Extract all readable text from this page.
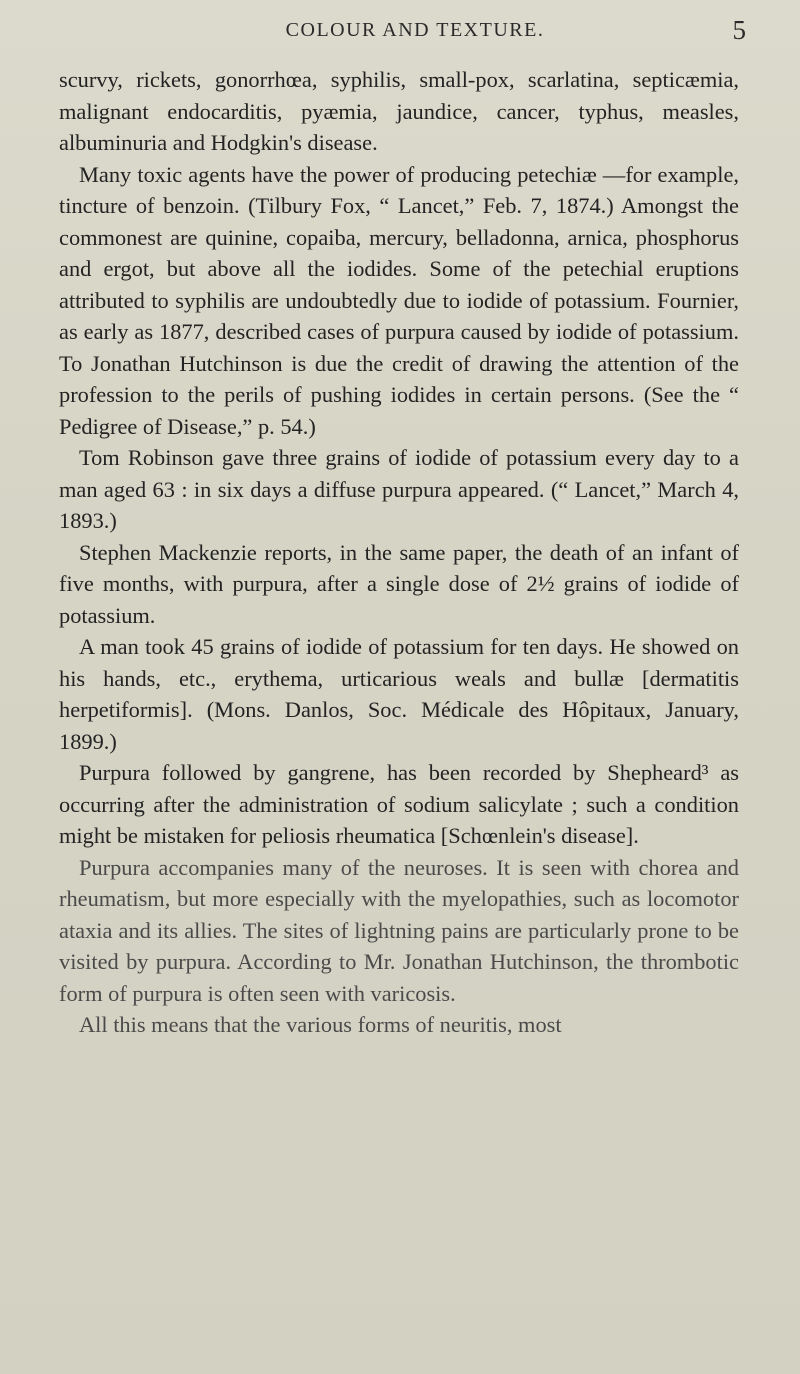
COLOUR AND TEXTURE.	5

scurvy, rickets, gonorrhœa, syphilis, small-pox, scarlatina, septicæmia, malignant endocarditis, pyæmia, jaundice, cancer, typhus, measles, albuminuria and Hodgkin's disease.

Many toxic agents have the power of producing petechiæ —for example, tincture of benzoin. (Tilbury Fox, “ Lancet,” Feb. 7, 1874.) Amongst the commonest are quinine, copaiba, mercury, belladonna, arnica, phosphorus and ergot, but above all the iodides. Some of the petechial eruptions attributed to syphilis are undoubtedly due to iodide of potassium. Fournier, as early as 1877, described cases of purpura caused by iodide of potassium. To Jonathan Hutchinson is due the credit of drawing the attention of the profession to the perils of pushing iodides in certain persons. (See the “ Pedigree of Disease,” p. 54.)

Tom Robinson gave three grains of iodide of potassium every day to a man aged 63 : in six days a diffuse purpura appeared. (“ Lancet,” March 4, 1893.)

Stephen Mackenzie reports, in the same paper, the death of an infant of five months, with purpura, after a single dose of 2½ grains of iodide of potassium.

A man took 45 grains of iodide of potassium for ten days. He showed on his hands, etc., erythema, urticarious weals and bullæ [dermatitis herpetiformis]. (Mons. Danlos, Soc. Médicale des Hôpitaux, January, 1899.)

Purpura followed by gangrene, has been recorded by Shepheard³ as occurring after the administration of sodium salicylate ; such a condition might be mistaken for peliosis rheumatica [Schœnlein's disease].

Purpura accompanies many of the neuroses. It is seen with chorea and rheumatism, but more especially with the myelopathies, such as locomotor ataxia and its allies. The sites of lightning pains are particularly prone to be visited by purpura. According to Mr. Jonathan Hutchinson, the thrombotic form of purpura is often seen with varicosis.

All this means that the various forms of neuritis, most
